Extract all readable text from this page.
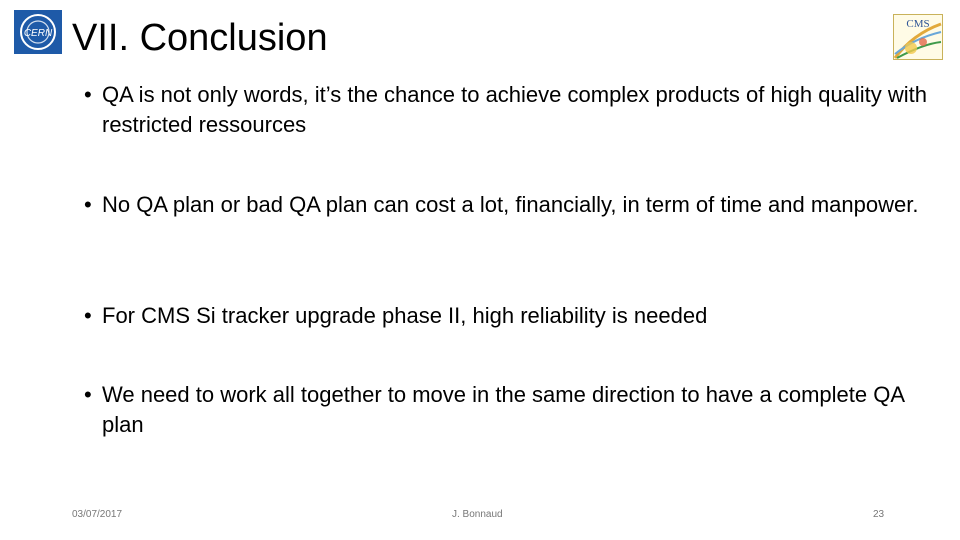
CERN VII. Conclusion	CMS
• QA is not only words, it’s the chance to achieve complex products of high quality with restricted ressources
• No QA plan or bad QA plan can cost a lot, financially, in term of time and manpower.
• For CMS Si tracker upgrade phase II, high reliability is needed
• We need to work all together to move in the same direction to have a complete QA plan
03/07/2017	J. Bonnaud	23
